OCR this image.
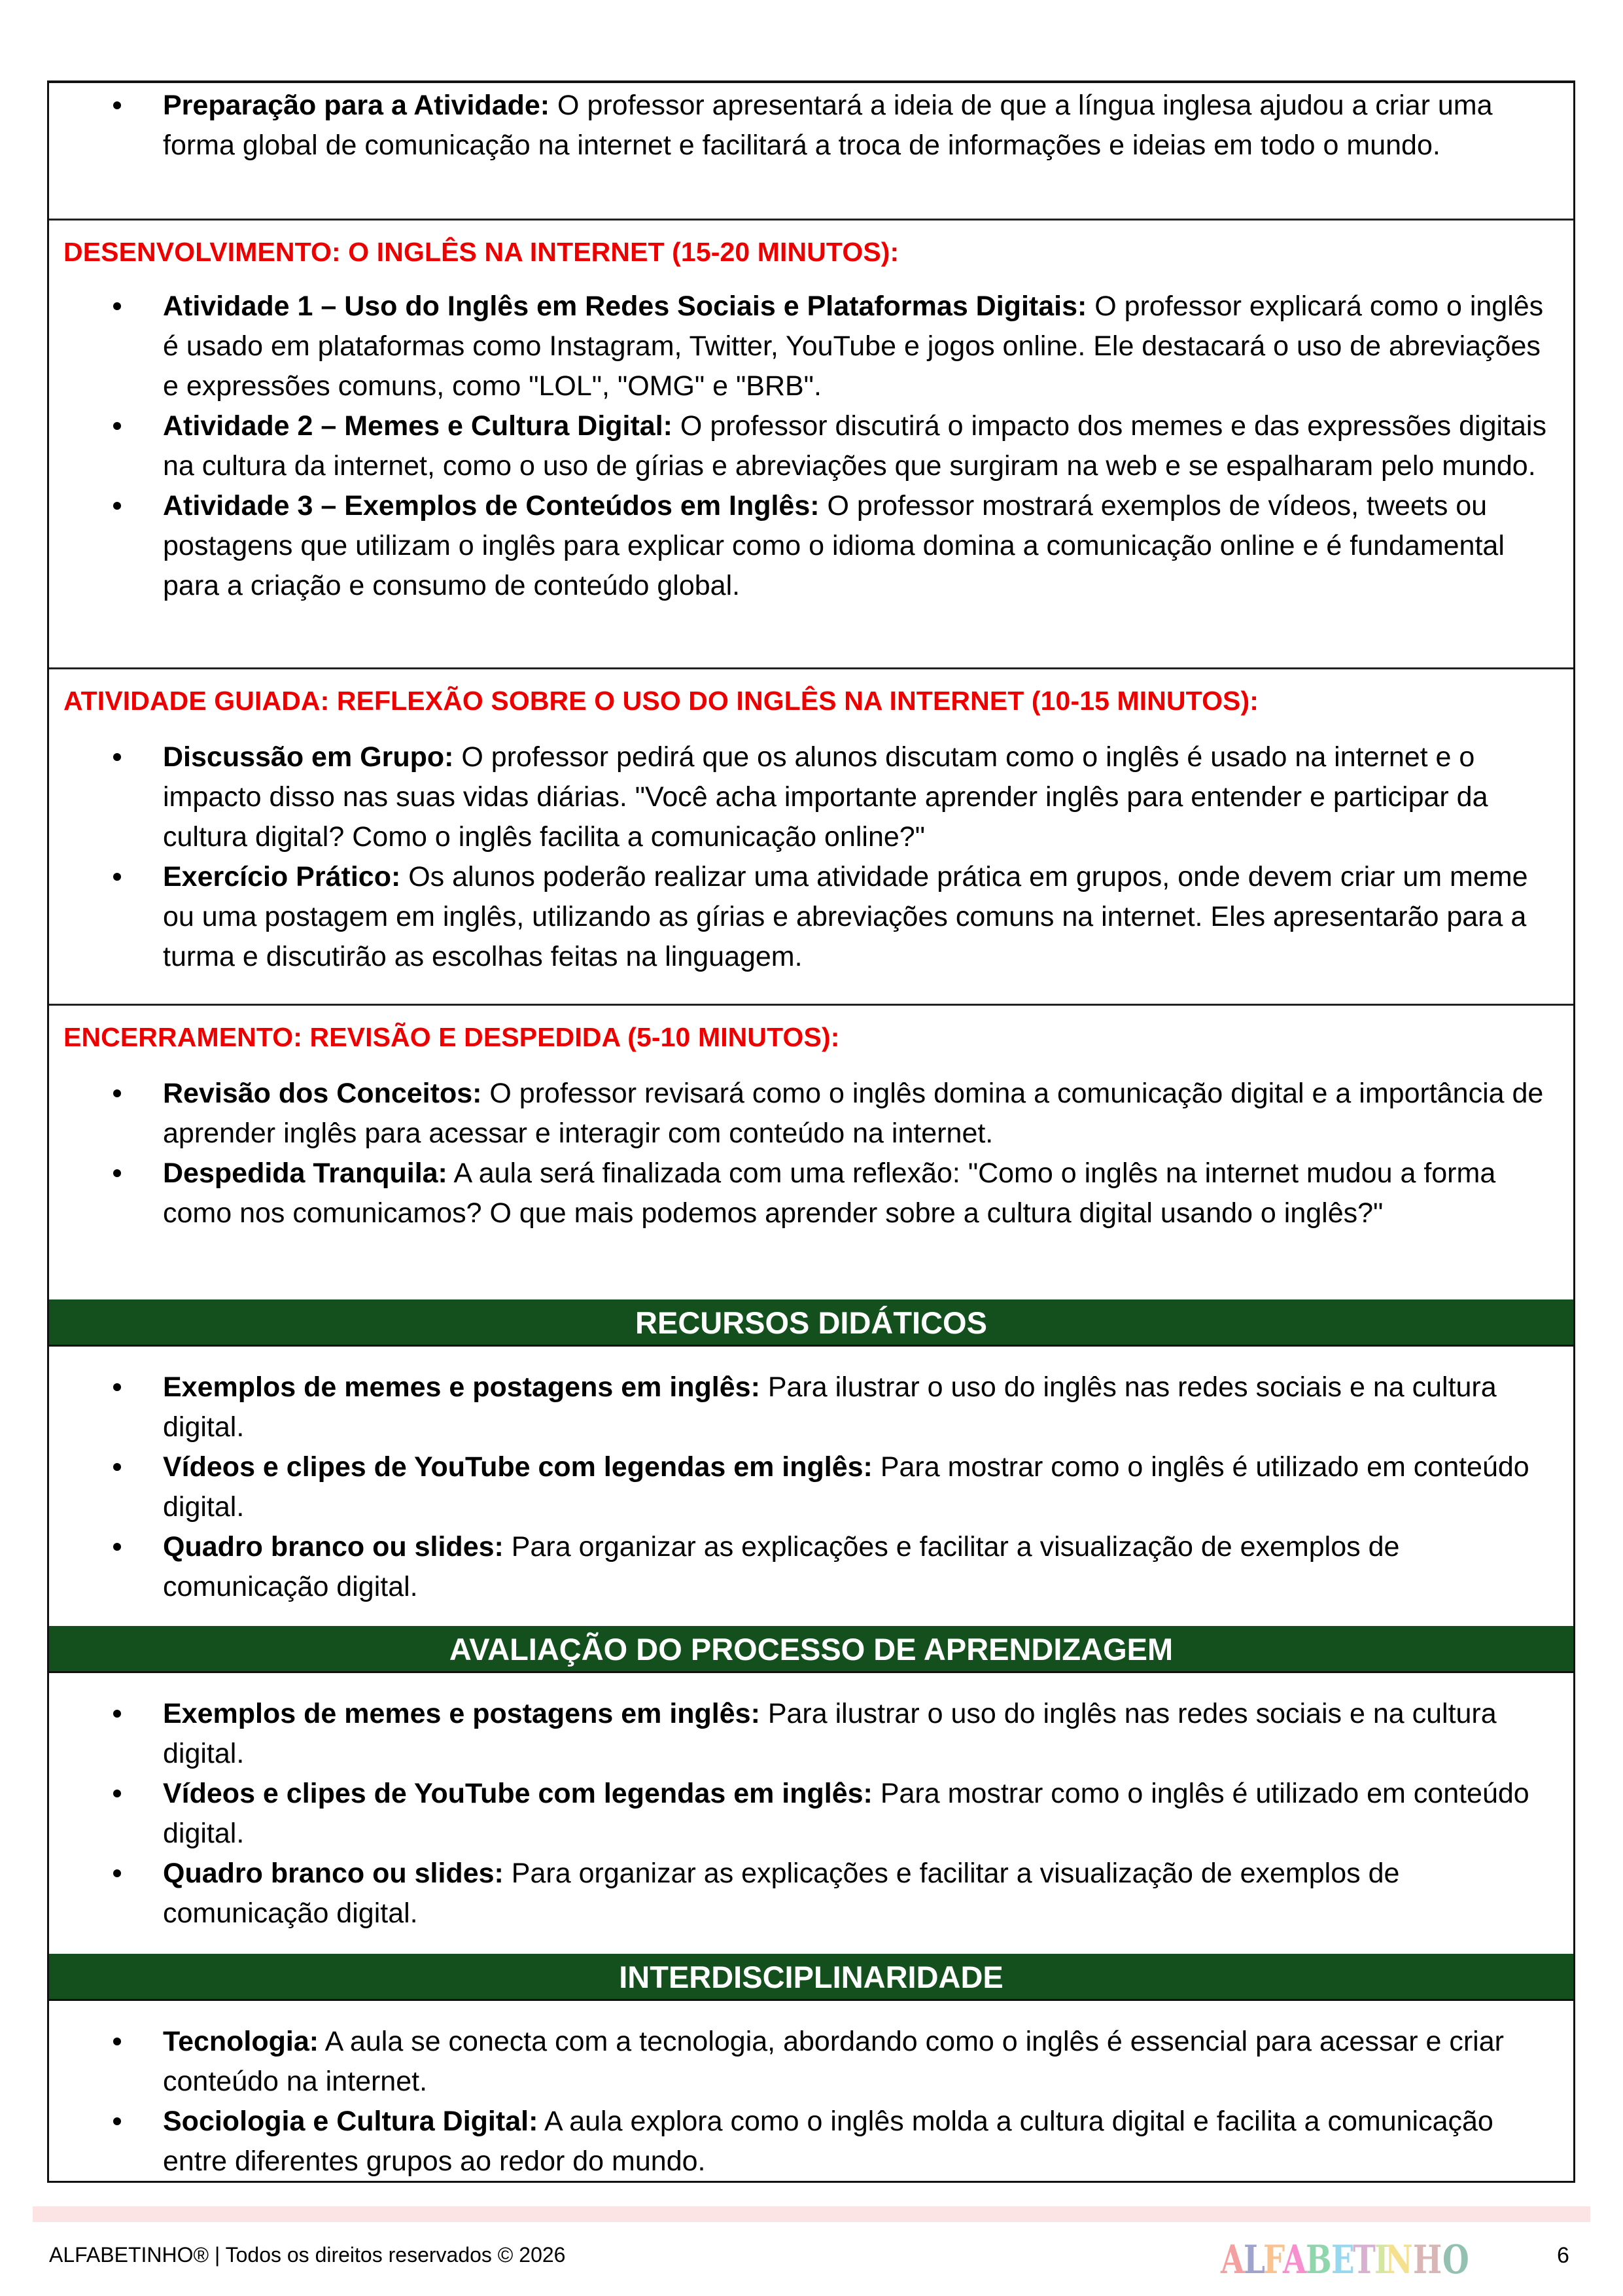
Preparação para a Atividade: O professor apresentará a ideia de que a língua inglesa ajudou a criar uma forma global de comunicação na internet e facilitará a troca de informações e ideias em todo o mundo.
DESENVOLVIMENTO: O INGLÊS NA INTERNET (15-20 MINUTOS):
Atividade 1 – Uso do Inglês em Redes Sociais e Plataformas Digitais: O professor explicará como o inglês é usado em plataformas como Instagram, Twitter, YouTube e jogos online. Ele destacará o uso de abreviações e expressões comuns, como "LOL", "OMG" e "BRB".
Atividade 2 – Memes e Cultura Digital: O professor discutirá o impacto dos memes e das expressões digitais na cultura da internet, como o uso de gírias e abreviações que surgiram na web e se espalharam pelo mundo.
Atividade 3 – Exemplos de Conteúdos em Inglês: O professor mostrará exemplos de vídeos, tweets ou postagens que utilizam o inglês para explicar como o idioma domina a comunicação online e é fundamental para a criação e consumo de conteúdo global.
ATIVIDADE GUIADA: REFLEXÃO SOBRE O USO DO INGLÊS NA INTERNET (10-15 MINUTOS):
Discussão em Grupo: O professor pedirá que os alunos discutam como o inglês é usado na internet e o impacto disso nas suas vidas diárias. "Você acha importante aprender inglês para entender e participar da cultura digital? Como o inglês facilita a comunicação online?"
Exercício Prático: Os alunos poderão realizar uma atividade prática em grupos, onde devem criar um meme ou uma postagem em inglês, utilizando as gírias e abreviações comuns na internet. Eles apresentarão para a turma e discutirão as escolhas feitas na linguagem.
ENCERRAMENTO: REVISÃO E DESPEDIDA (5-10 MINUTOS):
Revisão dos Conceitos: O professor revisará como o inglês domina a comunicação digital e a importância de aprender inglês para acessar e interagir com conteúdo na internet.
Despedida Tranquila: A aula será finalizada com uma reflexão: "Como o inglês na internet mudou a forma como nos comunicamos? O que mais podemos aprender sobre a cultura digital usando o inglês?"
RECURSOS DIDÁTICOS
Exemplos de memes e postagens em inglês: Para ilustrar o uso do inglês nas redes sociais e na cultura digital.
Vídeos e clipes de YouTube com legendas em inglês: Para mostrar como o inglês é utilizado em conteúdo digital.
Quadro branco ou slides: Para organizar as explicações e facilitar a visualização de exemplos de comunicação digital.
AVALIAÇÃO DO PROCESSO DE APRENDIZAGEM
Exemplos de memes e postagens em inglês: Para ilustrar o uso do inglês nas redes sociais e na cultura digital.
Vídeos e clipes de YouTube com legendas em inglês: Para mostrar como o inglês é utilizado em conteúdo digital.
Quadro branco ou slides: Para organizar as explicações e facilitar a visualização de exemplos de comunicação digital.
INTERDISCIPLINARIDADE
Tecnologia: A aula se conecta com a tecnologia, abordando como o inglês é essencial para acessar e criar conteúdo na internet.
Sociologia e Cultura Digital: A aula explora como o inglês molda a cultura digital e facilita a comunicação entre diferentes grupos ao redor do mundo.
ALFABETINHO® | Todos os direitos reservados © 2026	ALFABETINHO	6
